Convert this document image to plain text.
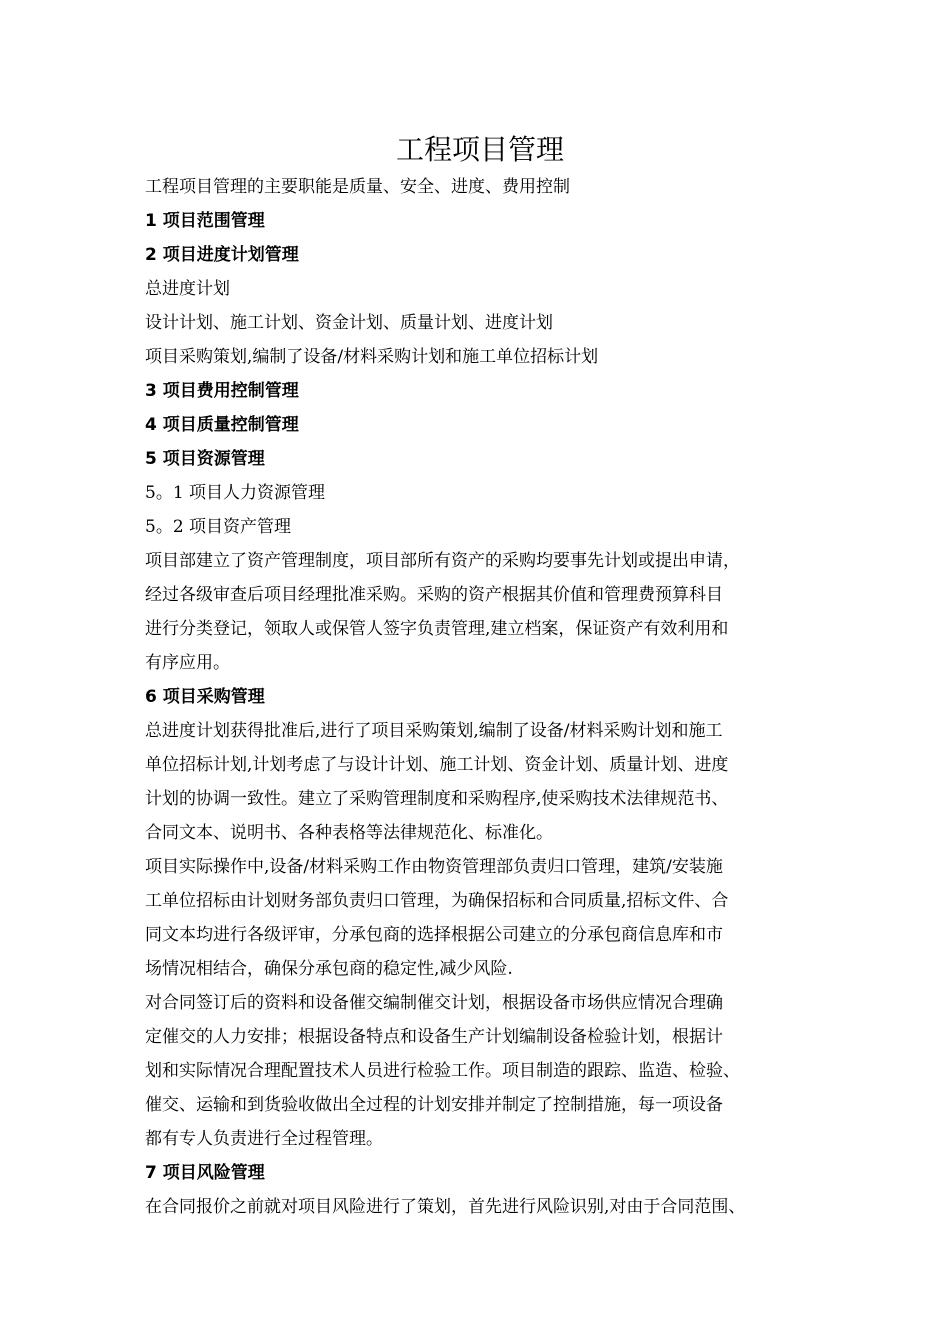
工程项目管理

工程项目管理的主要职能是质量、安全、进度、费用控制

1 项目范围管理

2 项目进度计划管理

总进度计划

设计计划、施工计划、资金计划、质量计划、进度计划

项目采购策划,编制了设备/材料采购计划和施工单位招标计划

3 项目费用控制管理

4 项目质量控制管理

5 项目资源管理

5。1 项目人力资源管理

5。2 项目资产管理

项目部建立了资产管理制度，项目部所有资产的采购均要事先计划或提出申请，
经过各级审查后项目经理批准采购。采购的资产根据其价值和管理费预算科目
进行分类登记，领取人或保管人签字负责管理,建立档案，保证资产有效利用和
有序应用。

6 项目采购管理

总进度计划获得批准后,进行了项目采购策划,编制了设备/材料采购计划和施工
单位招标计划,计划考虑了与设计计划、施工计划、资金计划、质量计划、进度
计划的协调一致性。建立了采购管理制度和采购程序,使采购技术法律规范书、
合同文本、说明书、各种表格等法律规范化、标准化。
项目实际操作中,设备/材料采购工作由物资管理部负责归口管理，建筑/安装施
工单位招标由计划财务部负责归口管理，为确保招标和合同质量,招标文件、合
同文本均进行各级评审，分承包商的选择根据公司建立的分承包商信息库和市
场情况相结合，确保分承包商的稳定性,减少风险.
对合同签订后的资料和设备催交编制催交计划，根据设备市场供应情况合理确
定催交的人力安排；根据设备特点和设备生产计划编制设备检验计划，根据计
划和实际情况合理配置技术人员进行检验工作。项目制造的跟踪、监造、检验、
催交、运输和到货验收做出全过程的计划安排并制定了控制措施，每一项设备
都有专人负责进行全过程管理。

7 项目风险管理

在合同报价之前就对项目风险进行了策划，首先进行风险识别,对由于合同范围、
